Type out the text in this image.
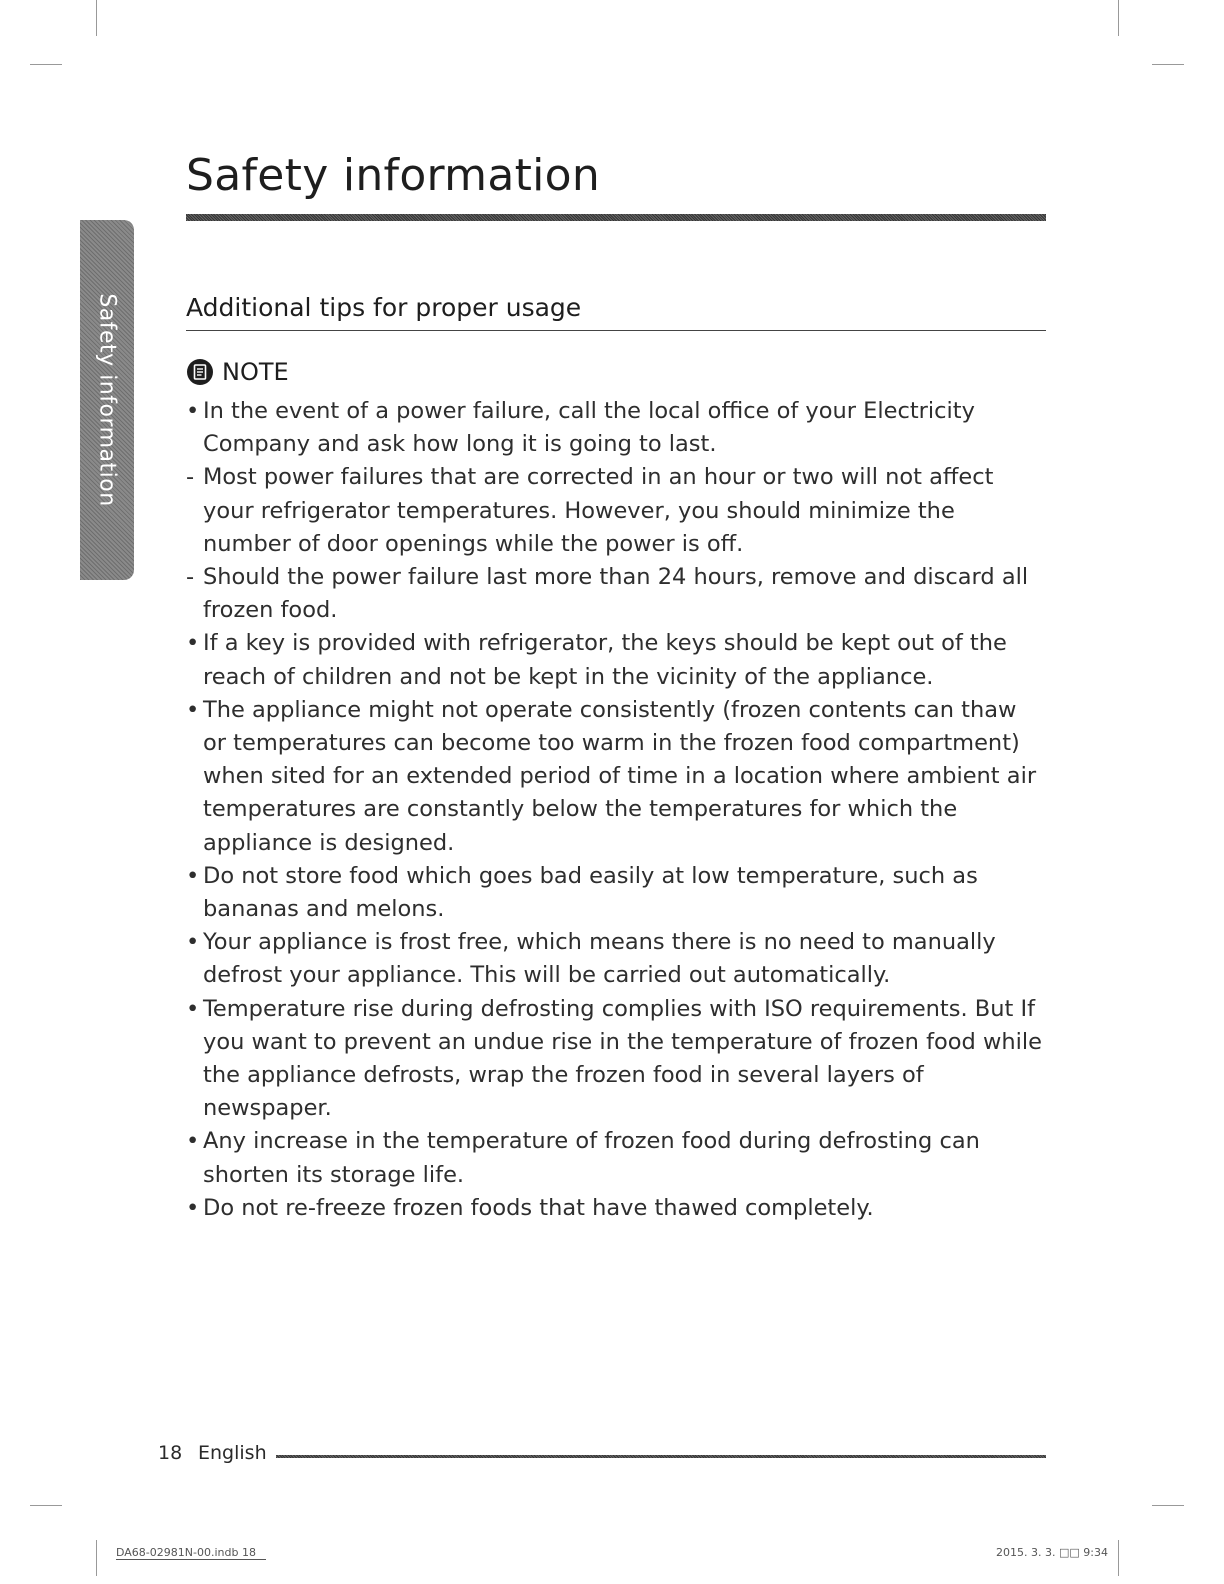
Safety information
Safety information
Additional tips for proper usage
NOTE
• In the event of a power failure, call the local office of your Electricity Company and ask how long it is going to last.
- Most power failures that are corrected in an hour or two will not affect your refrigerator temperatures. However, you should minimize the number of door openings while the power is off.
- Should the power failure last more than 24 hours, remove and discard all frozen food.
• If a key is provided with refrigerator, the keys should be kept out of the reach of children and not be kept in the vicinity of the appliance.
• The appliance might not operate consistently (frozen contents can thaw or temperatures can become too warm in the frozen food compartment) when sited for an extended period of time in a location where ambient air temperatures are constantly below the temperatures for which the appliance is designed.
• Do not store food which goes bad easily at low temperature, such as bananas and melons.
• Your appliance is frost free, which means there is no need to manually defrost your appliance. This will be carried out automatically.
• Temperature rise during defrosting complies with ISO requirements. But If you want to prevent an undue rise in the temperature of frozen food while the appliance defrosts, wrap the frozen food in several layers of newspaper.
• Any increase in the temperature of frozen food during defrosting can shorten its storage life.
• Do not re-freeze frozen foods that have thawed completely.
18 English
DA68-02981N-00.indb 18	2015. 3. 3. □□ 9:34
